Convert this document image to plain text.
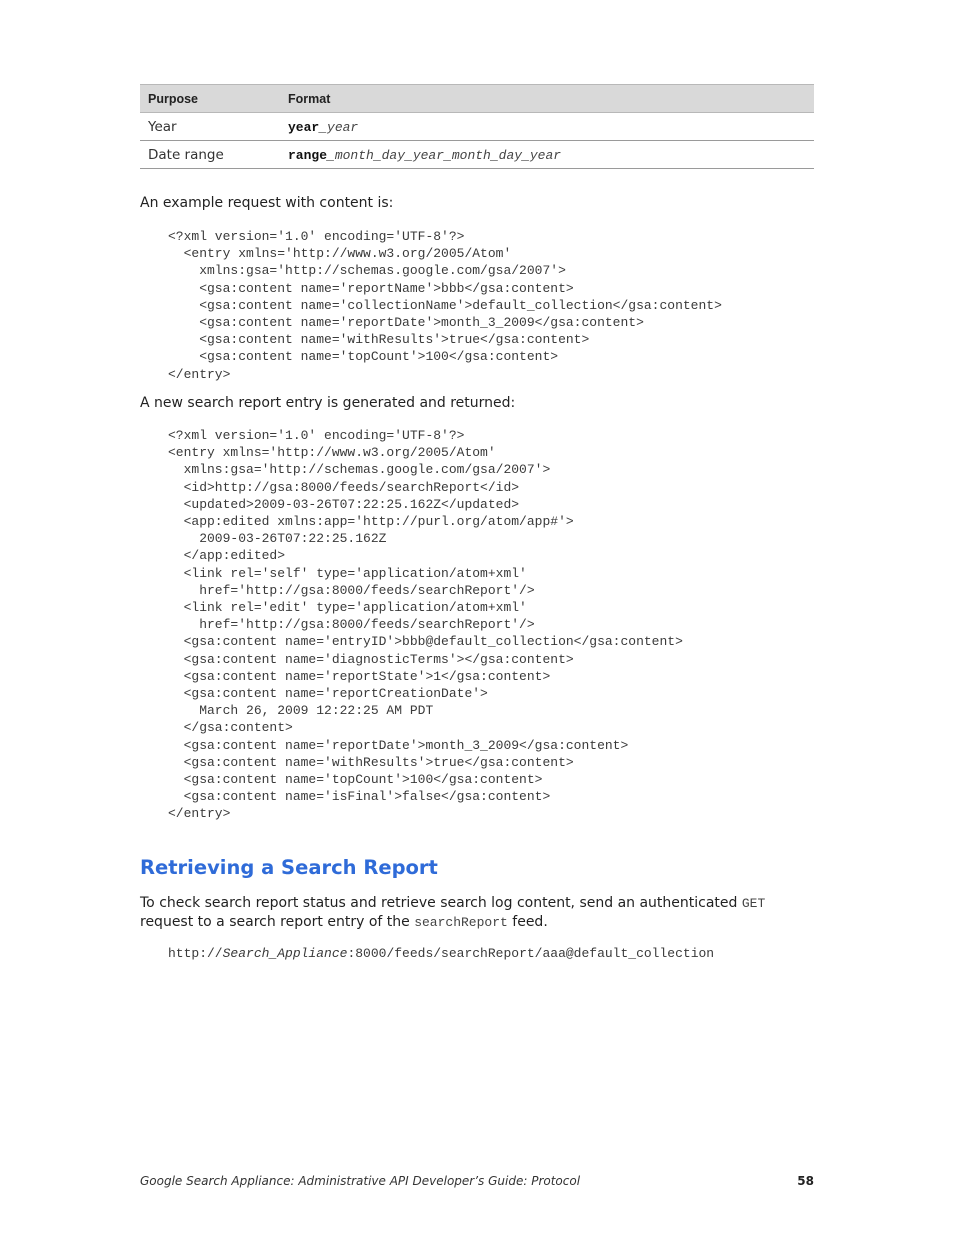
Purpose	Format
Year	year_year
Date range	range_month_day_year_month_day_year

An example request with content is:

<?xml version='1.0' encoding='UTF-8'?>
<entry xmlns='http://www.w3.org/2005/Atom'
xmlns:gsa='http://schemas.google.com/gsa/2007'>
<gsa:content name='reportName'>bbb</gsa:content>
<gsa:content name='collectionName'>default_collection</gsa:content>
<gsa:content name='reportDate'>month_3_2009</gsa:content>
<gsa:content name='withResults'>true</gsa:content>
<gsa:content name='topCount'>100</gsa:content>
</entry>

A new search report entry is generated and returned:

<?xml version='1.0' encoding='UTF-8'?>
<entry xmlns='http://www.w3.org/2005/Atom'
xmlns:gsa='http://schemas.google.com/gsa/2007'>
<id>http://gsa:8000/feeds/searchReport</id>
<updated>2009-03-26T07:22:25.162Z</updated>
<app:edited xmlns:app='http://purl.org/atom/app#'>
2009-03-26T07:22:25.162Z
</app:edited>
<link rel='self' type='application/atom+xml'
href='http://gsa:8000/feeds/searchReport'/>
<link rel='edit' type='application/atom+xml'
href='http://gsa:8000/feeds/searchReport'/>
<gsa:content name='entryID'>bbb@default_collection</gsa:content>
<gsa:content name='diagnosticTerms'></gsa:content>
<gsa:content name='reportState'>1</gsa:content>
<gsa:content name='reportCreationDate'>
March 26, 2009 12:22:25 AM PDT
</gsa:content>
<gsa:content name='reportDate'>month_3_2009</gsa:content>
<gsa:content name='withResults'>true</gsa:content>
<gsa:content name='topCount'>100</gsa:content>
<gsa:content name='isFinal'>false</gsa:content>
</entry>
Retrieving a Search Report

To check search report status and retrieve search log content, send an authenticated GET request to a search report entry of the searchReport feed.

http://Search_Appliance:8000/feeds/searchReport/aaa@default_collection
Google Search Appliance: Administrative API Developer’s Guide: Protocol	58
